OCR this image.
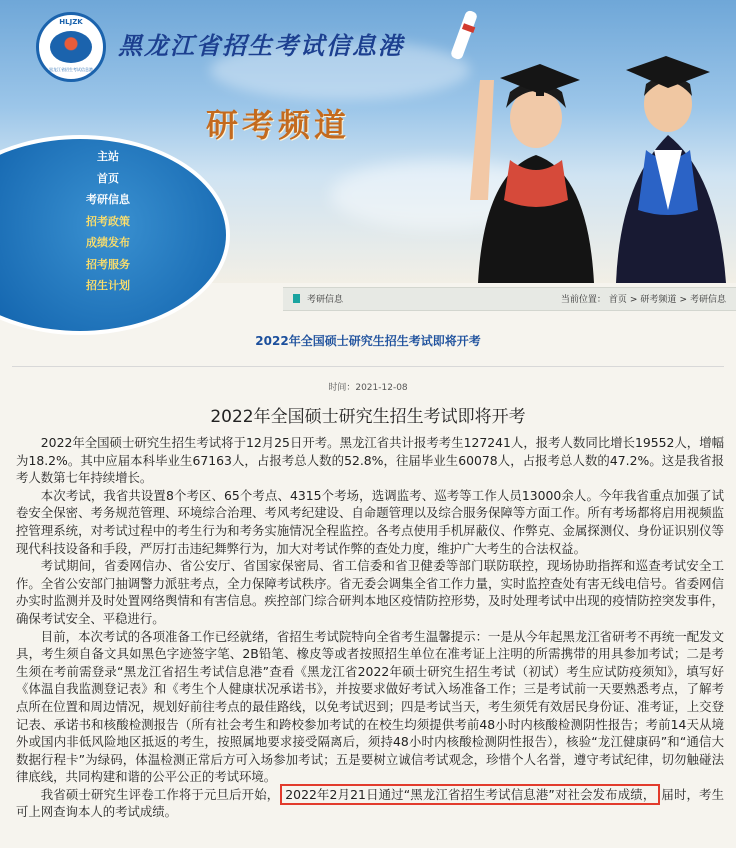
HLJZK
黑龙江省招生考试信息港
黑龙江省招生考试信息港
研考频道
主站
首页
考研信息
招考政策
成绩发布
招考服务
招生计划
考研信息	当前位置： 首页 > 研考频道 > 考研信息
2022年全国硕士研究生招生考试即将开考
时间：2021-12-08
2022年全国硕士研究生招生考试即将开考

2022年全国硕士研究生招生考试将于12月25日开考。黑龙江省共计报考考生127241人，报考人数同比增长19552人，增幅为18.2%。其中应届本科毕业生67163人，占报考总人数的52.8%，往届毕业生60078人，占报考总人数的47.2%。这是我省报考人数第七年持续增长。

本次考试，我省共设置8个考区、65个考点、4315个考场，选调监考、巡考等工作人员13000余人。今年我省重点加强了试卷安全保密、考务规范管理、环境综合治理、考风考纪建设、自命题管理以及综合服务保障等方面工作。所有考场都将启用视频监控管理系统，对考试过程中的考生行为和考务实施情况全程监控。各考点使用手机屏蔽仪、作弊克、金属探测仪、身份证识别仪等现代科技设备和手段，严厉打击违纪舞弊行为，加大对考试作弊的查处力度，维护广大考生的合法权益。

考试期间，省委网信办、省公安厅、省国家保密局、省工信委和省卫健委等部门联防联控，现场协助指挥和巡查考试安全工作。全省公安部门抽调警力派驻考点，全力保障考试秩序。省无委会调集全省工作力量，实时监控查处有害无线电信号。省委网信办实时监测并及时处置网络舆情和有害信息。疾控部门综合研判本地区疫情防控形势，及时处理考试中出现的疫情防控突发事件，确保考试安全、平稳进行。

目前，本次考试的各项准备工作已经就绪，省招生考试院特向全省考生温馨提示：一是从今年起黑龙江省研考不再统一配发文具，考生须自备文具如黑色字迹签字笔、2B铅笔、橡皮等或者按照招生单位在准考证上注明的所需携带的用具参加考试；二是考生须在考前需登录“黑龙江省招生考试信息港”查看《黑龙江省2022年硕士研究生招生考试（初试）考生应试防疫须知》，填写好《体温自我监测登记表》和《考生个人健康状况承诺书》，并按要求做好考试入场准备工作；三是考试前一天要熟悉考点，了解考点所在位置和周边情况，规划好前往考点的最佳路线，以免考试迟到；四是考试当天，考生须凭有效居民身份证、准考证，上交登记表、承诺书和核酸检测报告（所有社会考生和跨校参加考试的在校生均须提供考前48小时内核酸检测阴性报告；考前14天从境外或国内非低风险地区抵返的考生，按照属地要求接受隔离后，须持48小时内核酸检测阴性报告），核验“龙江健康码”和“通信大数据行程卡”为绿码，体温检测正常后方可入场参加考试；五是要树立诚信考试观念，珍惜个人名誉，遵守考试纪律，切勿触碰法律底线，共同构建和谐的公平公正的考试环境。

我省硕士研究生评卷工作将于元旦后开始， 2022年2月21日通过“黑龙江省招生考试信息港”对社会发布成绩， 届时，考生可上网查询本人的考试成绩。
